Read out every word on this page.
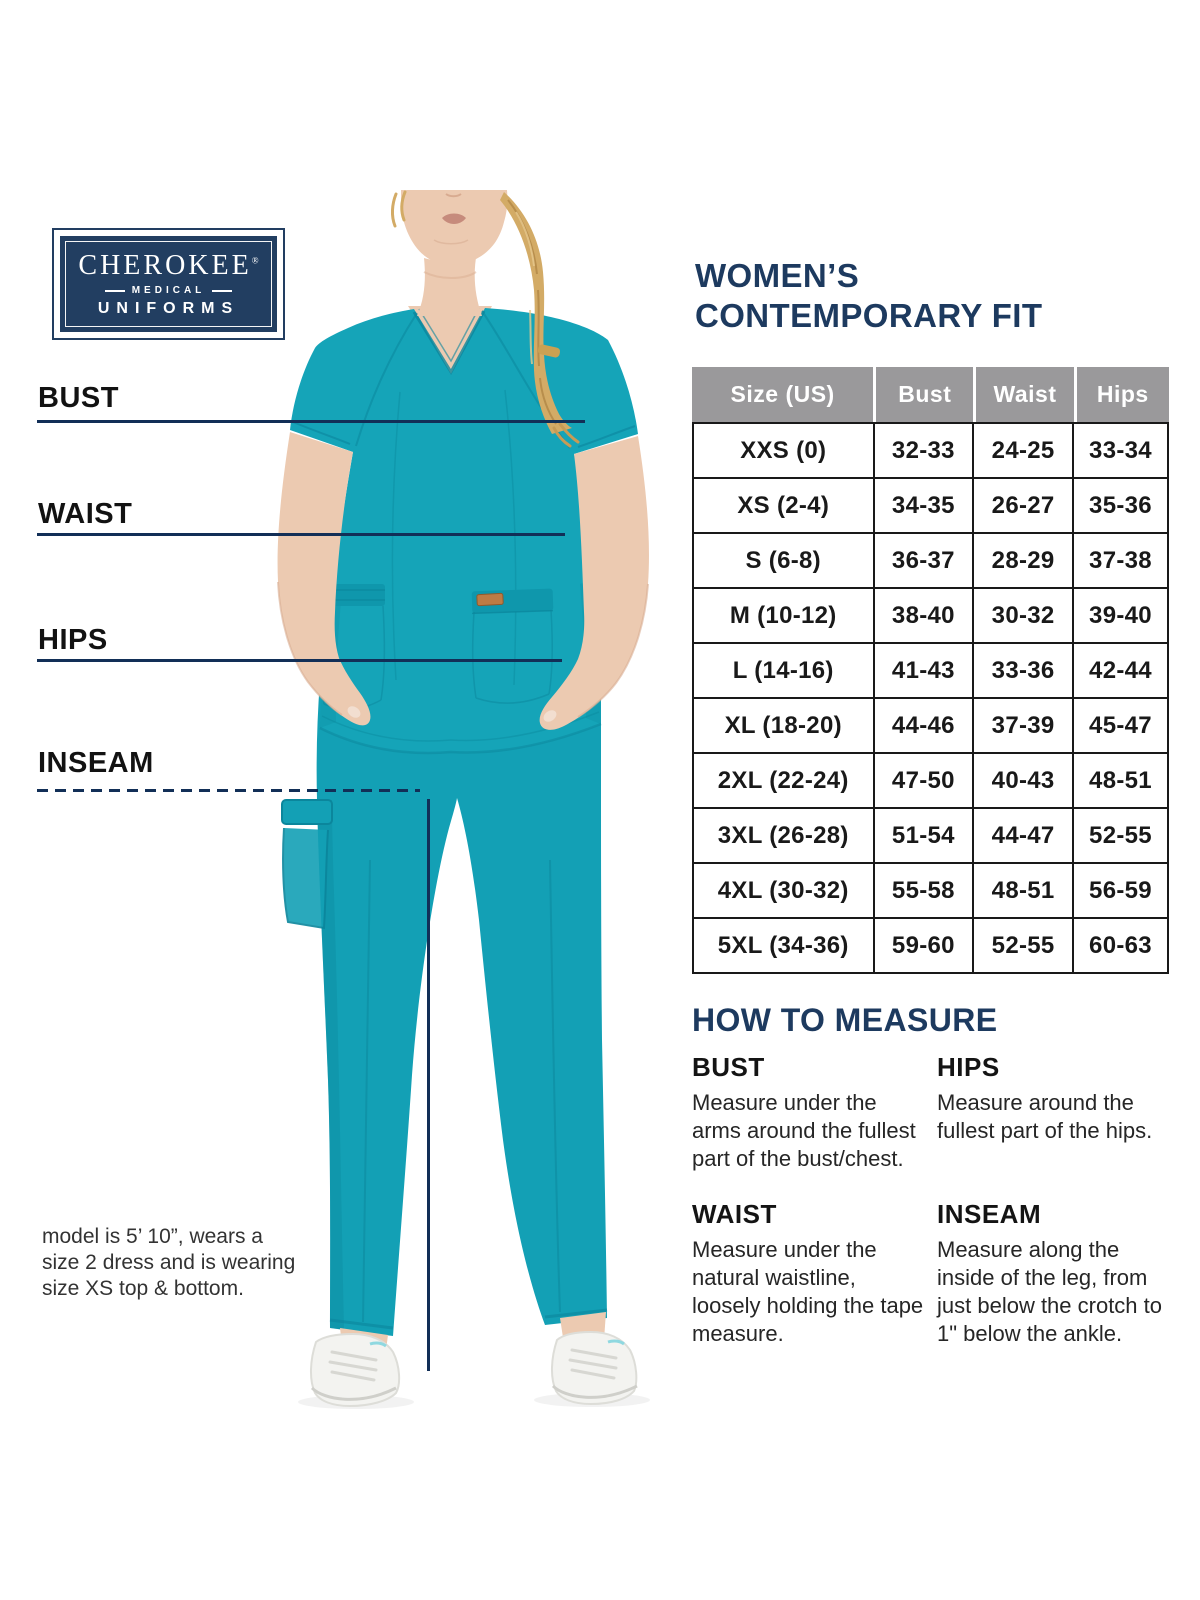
CHEROKEE®
MEDICAL
UNIFORMS
BUST
WAIST
HIPS
INSEAM
WOMEN’S
CONTEMPORARY FIT
Size (US)	Bust	Waist	Hips
XXS (0)	32-33	24-25	33-34
XS (2-4)	34-35	26-27	35-36
S (6-8)	36-37	28-29	37-38
M (10-12)	38-40	30-32	39-40
L (14-16)	41-43	33-36	42-44
XL (18-20)	44-46	37-39	45-47
2XL (22-24)	47-50	40-43	48-51
3XL (26-28)	51-54	44-47	52-55
4XL (30-32)	55-58	48-51	56-59
5XL (34-36)	59-60	52-55	60-63
HOW TO MEASURE
BUST
Measure under the arms around the fullest part of the bust/chest.
WAIST
Measure under the natural waistline, loosely holding the tape measure.
HIPS
Measure around the fullest part of the hips.
INSEAM
Measure along the inside of the leg, from just below the crotch to 1" below the ankle.
model is 5’ 10”, wears a size 2 dress and is wearing size XS top & bottom.
